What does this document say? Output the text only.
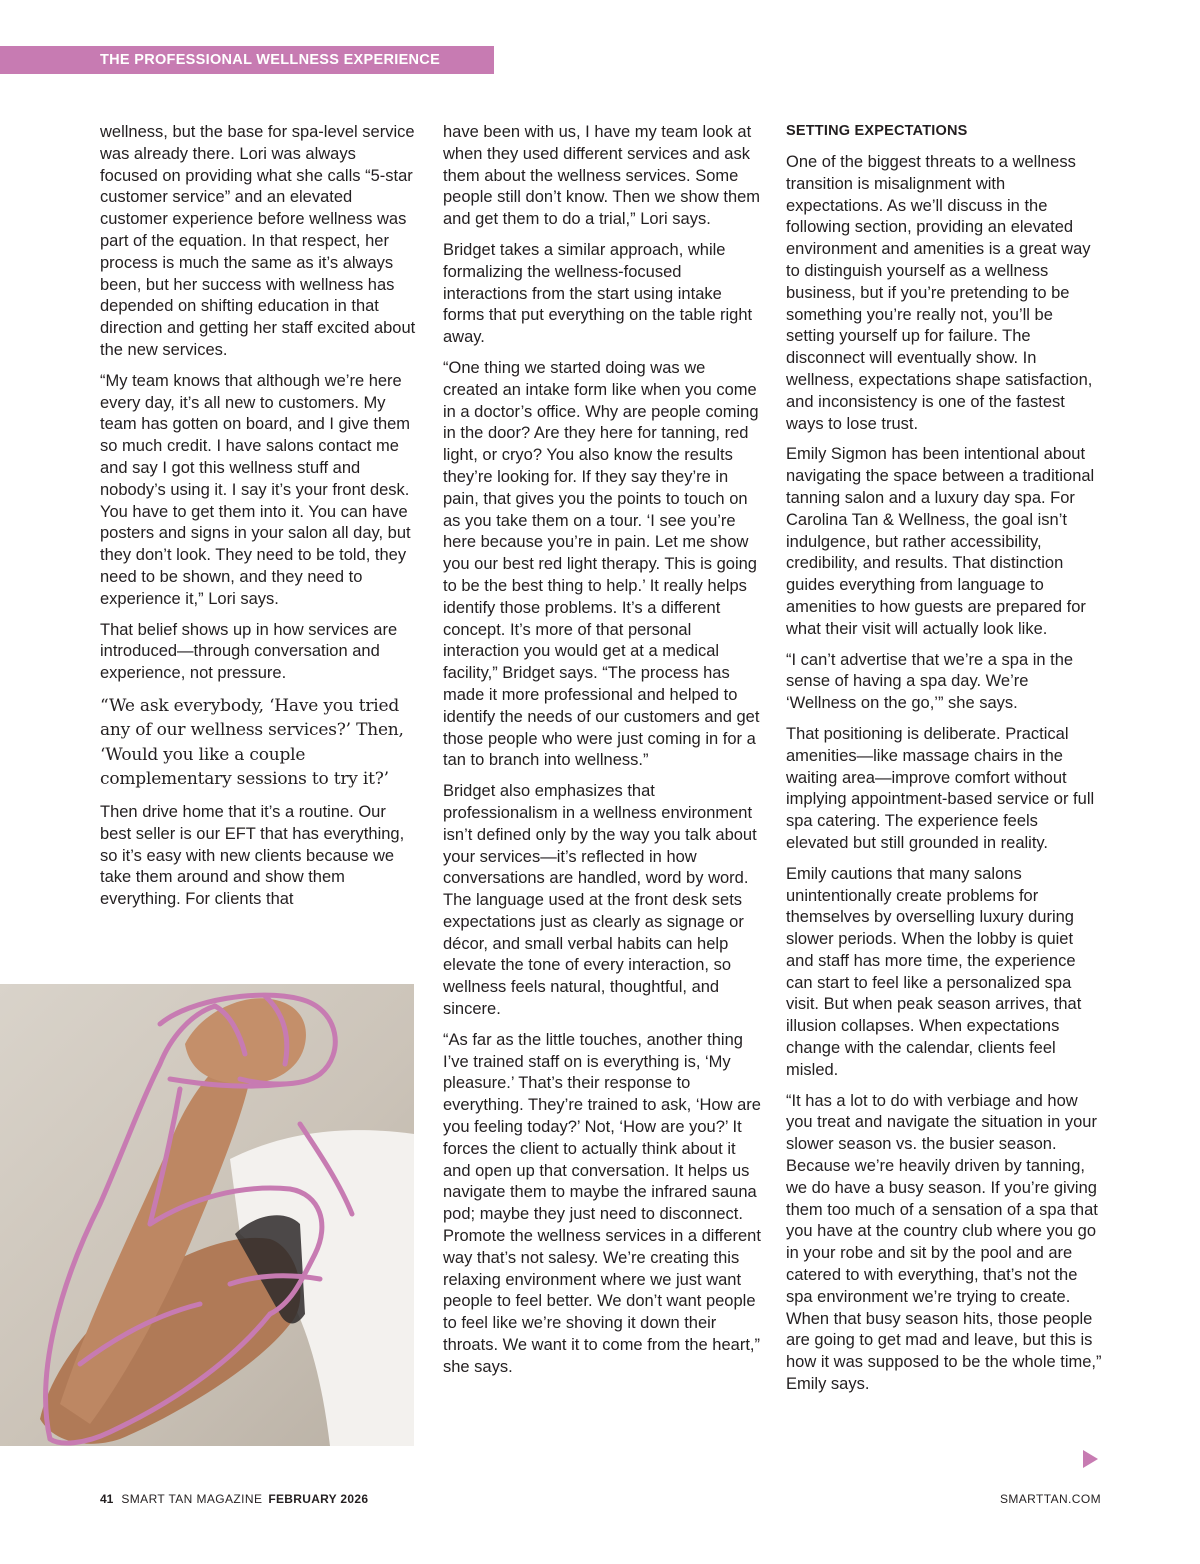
THE PROFESSIONAL WELLNESS EXPERIENCE

wellness, but the base for spa-level service was already there. Lori was always focused on providing what she calls “5-star customer service” and an elevated customer experience before wellness was part of the equation. In that respect, her process is much the same as it’s always been, but her success with wellness has depended on shifting education in that direction and getting her staff excited about the new services.

“My team knows that although we’re here every day, it’s all new to customers. My team has gotten on board, and I give them so much credit. I have salons contact me and say I got this wellness stuff and nobody’s using it. I say it’s your front desk. You have to get them into it. You can have posters and signs in your salon all day, but they don’t look. They need to be told, they need to be shown, and they need to experience it,” Lori says.

That belief shows up in how services are introduced—through conversation and experience, not pressure.

“We ask everybody, ‘Have you tried any of our wellness services?’ Then, ‘Would you like a couple complementary sessions to try it?’

Then drive home that it’s a routine. Our best seller is our EFT that has everything, so it’s easy with new clients because we take them around and show them everything. For clients that

have been with us, I have my team look at when they used different services and ask them about the wellness services. Some people still don’t know. Then we show them and get them to do a trial,” Lori says.

Bridget takes a similar approach, while formalizing the wellness-focused interactions from the start using intake forms that put everything on the table right away.

“One thing we started doing was we created an intake form like when you come in a doctor’s office. Why are people coming in the door? Are they here for tanning, red light, or cryo? You also know the results they’re looking for. If they say they’re in pain, that gives you the points to touch on as you take them on a tour. ‘I see you’re here because you’re in pain. Let me show you our best red light therapy. This is going to be the best thing to help.’ It really helps identify those problems. It’s a different concept. It’s more of that personal interaction you would get at a medical facility,” Bridget says. “The process has made it more professional and helped to identify the needs of our customers and get those people who were just coming in for a tan to branch into wellness.”

Bridget also emphasizes that professionalism in a wellness environment isn’t defined only by the way you talk about your services—it’s reflected in how conversations are handled, word by word. The language used at the front desk sets expectations just as clearly as signage or décor, and small verbal habits can help elevate the tone of every interaction, so wellness feels natural, thoughtful, and sincere.

“As far as the little touches, another thing I’ve trained staff on is everything is, ‘My pleasure.’ That’s their response to everything. They’re trained to ask, ‘How are you feeling today?’ Not, ‘How are you?’ It forces the client to actually think about it and open up that conversation. It helps us navigate them to maybe the infrared sauna pod; maybe they just need to disconnect. Promote the wellness services in a different way that’s not salesy. We’re creating this relaxing environment where we just want people to feel better. We don’t want people to feel like we’re shoving it down their throats. We want it to come from the heart,” she says.

SETTING EXPECTATIONS

One of the biggest threats to a wellness transition is misalignment with expectations. As we’ll discuss in the following section, providing an elevated environment and amenities is a great way to distinguish yourself as a wellness business, but if you’re pretending to be something you’re really not, you’ll be setting yourself up for failure. The disconnect will eventually show. In wellness, expectations shape satisfaction, and inconsistency is one of the fastest ways to lose trust.

Emily Sigmon has been intentional about navigating the space between a traditional tanning salon and a luxury day spa. For Carolina Tan & Wellness, the goal isn’t indulgence, but rather accessibility, credibility, and results. That distinction guides everything from language to amenities to how guests are prepared for what their visit will actually look like.

“I can’t advertise that we’re a spa in the sense of having a spa day. We’re ‘Wellness on the go,’” she says.

That positioning is deliberate. Practical amenities—like massage chairs in the waiting area—improve comfort without implying appointment-based service or full spa catering. The experience feels elevated but still grounded in reality.

Emily cautions that many salons unintentionally create problems for themselves by overselling luxury during slower periods. When the lobby is quiet and staff has more time, the experience can start to feel like a personalized spa visit. But when peak season arrives, that illusion collapses. When expectations change with the calendar, clients feel misled.

“It has a lot to do with verbiage and how you treat and navigate the situation in your slower season vs. the busier season. Because we’re heavily driven by tanning, we do have a busy season. If you’re giving them too much of a sensation of a spa that you have at the country club where you go in your robe and sit by the pool and are catered to with everything, that’s not the spa environment we’re trying to create. When that busy season hits, those people are going to get mad and leave, but this is how it was supposed to be the whole time,” Emily says.

41 SMART TAN MAGAZINE FEBRUARY 2026	SMARTTAN.COM
